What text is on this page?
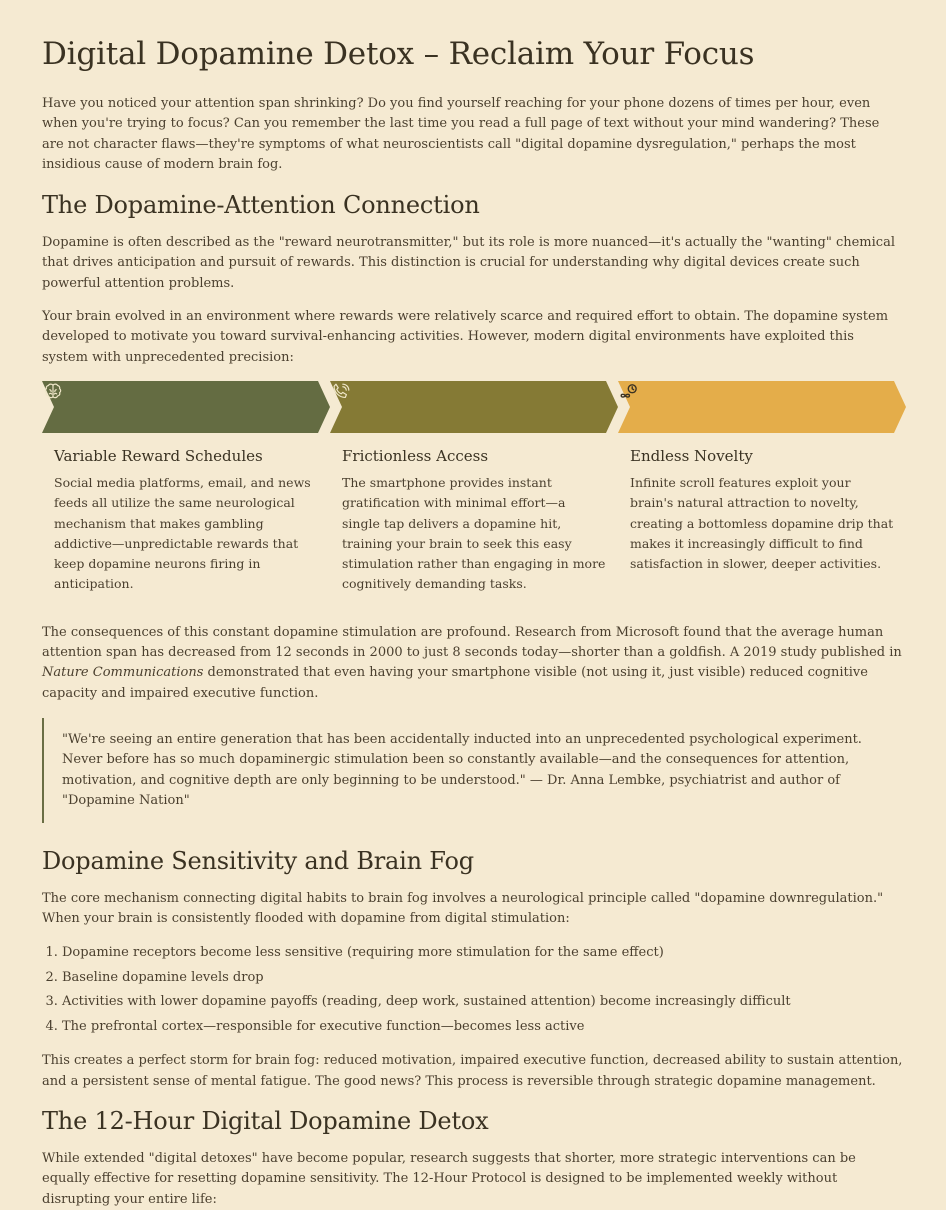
Digital Dopamine Detox – Reclaim Your Focus

Have you noticed your attention span shrinking? Do you find yourself reaching for your phone dozens of times per hour, even when you're trying to focus? Can you remember the last time you read a full page of text without your mind wandering? These are not character flaws—they're symptoms of what neuroscientists call "digital dopamine dysregulation," perhaps the most insidious cause of modern brain fog.

The Dopamine-Attention Connection

Dopamine is often described as the "reward neurotransmitter," but its role is more nuanced—it's actually the "wanting" chemical that drives anticipation and pursuit of rewards. This distinction is crucial for understanding why digital devices create such powerful attention problems.

Your brain evolved in an environment where rewards were relatively scarce and required effort to obtain. The dopamine system developed to motivate you toward survival-enhancing activities. However, modern digital environments have exploited this system with unprecedented precision:

Variable Reward Schedules

Social media platforms, email, and news feeds all utilize the same neurological mechanism that makes gambling addictive—unpredictable rewards that keep dopamine neurons firing in anticipation.

Frictionless Access

The smartphone provides instant gratification with minimal effort—a single tap delivers a dopamine hit, training your brain to seek this easy stimulation rather than engaging in more cognitively demanding tasks.

Endless Novelty

Infinite scroll features exploit your brain's natural attraction to novelty, creating a bottomless dopamine drip that makes it increasingly difficult to find satisfaction in slower, deeper activities.

The consequences of this constant dopamine stimulation are profound. Research from Microsoft found that the average human attention span has decreased from 12 seconds in 2000 to just 8 seconds today—shorter than a goldfish. A 2019 study published in Nature Communications demonstrated that even having your smartphone visible (not using it, just visible) reduced cognitive capacity and impaired executive function.

"We're seeing an entire generation that has been accidentally inducted into an unprecedented psychological experiment. Never before has so much dopaminergic stimulation been so constantly available—and the consequences for attention, motivation, and cognitive depth are only beginning to be understood." — Dr. Anna Lembke, psychiatrist and author of "Dopamine Nation"

Dopamine Sensitivity and Brain Fog

The core mechanism connecting digital habits to brain fog involves a neurological principle called "dopamine downregulation." When your brain is consistently flooded with dopamine from digital stimulation:

1. Dopamine receptors become less sensitive (requiring more stimulation for the same effect)
2. Baseline dopamine levels drop
3. Activities with lower dopamine payoffs (reading, deep work, sustained attention) become increasingly difficult
4. The prefrontal cortex—responsible for executive function—becomes less active

This creates a perfect storm for brain fog: reduced motivation, impaired executive function, decreased ability to sustain attention, and a persistent sense of mental fatigue. The good news? This process is reversible through strategic dopamine management.

The 12-Hour Digital Dopamine Detox

While extended "digital detoxes" have become popular, research suggests that shorter, more strategic interventions can be equally effective for resetting dopamine sensitivity. The 12-Hour Protocol is designed to be implemented weekly without disrupting your entire life:
